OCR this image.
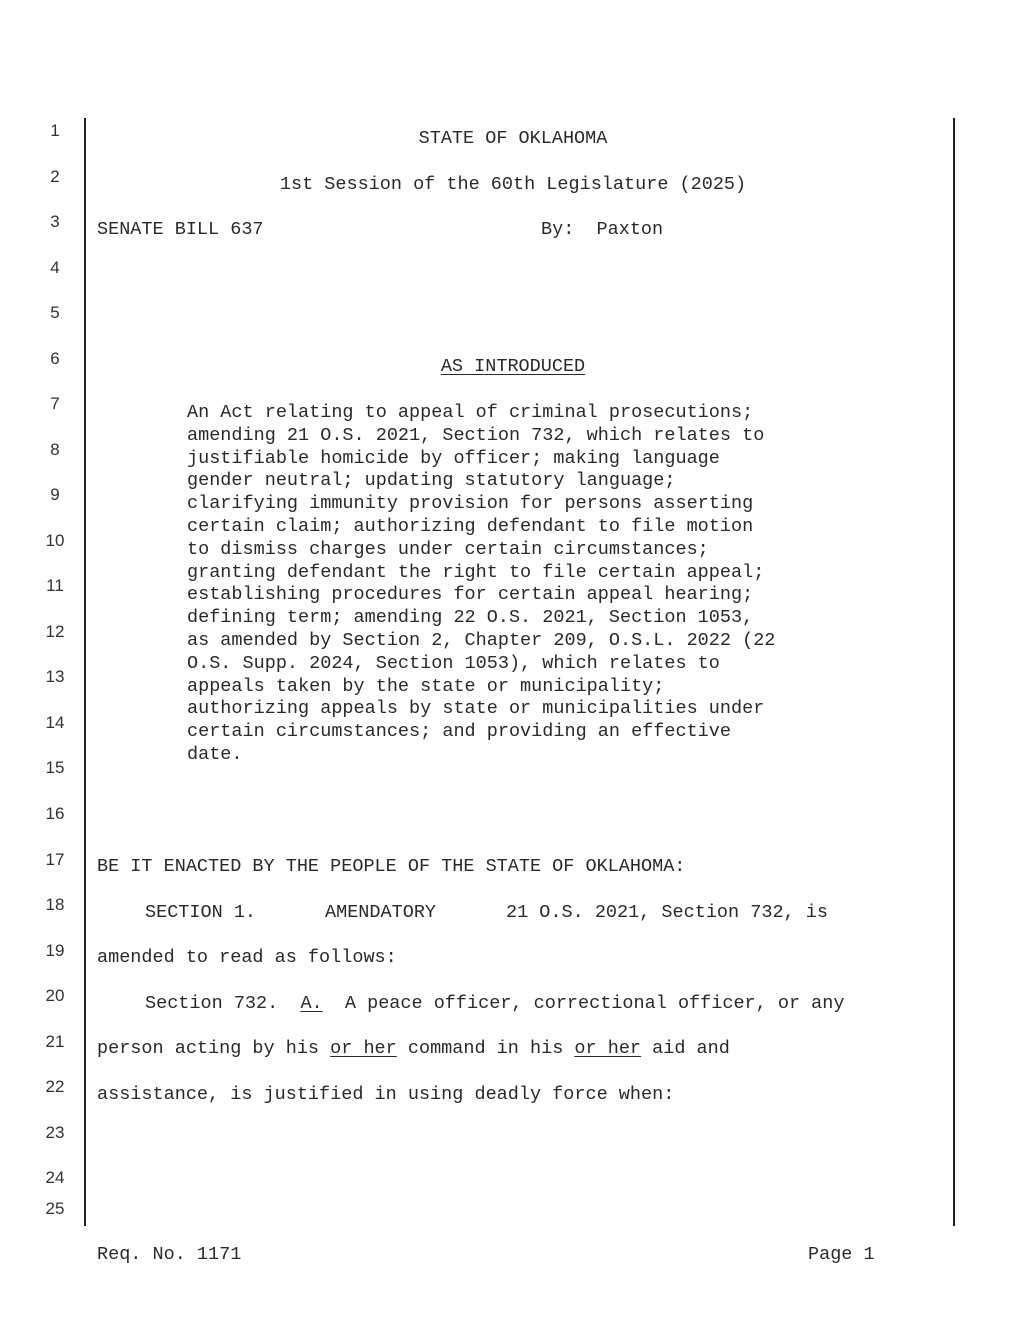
1
2
3
4
5
6
7
8
9
10
11
12
13
14
15
16
17
18
19
20
21
22
23
24
25
STATE OF OKLAHOMA
1st Session of the 60th Legislature (2025)
SENATE BILL 637	By:  Paxton
AS INTRODUCED
An Act relating to appeal of criminal prosecutions;
amending 21 O.S. 2021, Section 732, which relates to
justifiable homicide by officer; making language
gender neutral; updating statutory language;
clarifying immunity provision for persons asserting
certain claim; authorizing defendant to file motion
to dismiss charges under certain circumstances;
granting defendant the right to file certain appeal;
establishing procedures for certain appeal hearing;
defining term; amending 22 O.S. 2021, Section 1053,
as amended by Section 2, Chapter 209, O.S.L. 2022 (22
O.S. Supp. 2024, Section 1053), which relates to
appeals taken by the state or municipality;
authorizing appeals by state or municipalities under
certain circumstances; and providing an effective
date.
BE IT ENACTED BY THE PEOPLE OF THE STATE OF OKLAHOMA:
SECTION 1.	AMENDATORY	21 O.S. 2021, Section 732, is
amended to read as follows:
Section 732. A. A peace officer, correctional officer, or any
person acting by his or her command in his or her aid and
assistance, is justified in using deadly force when:
Req. No. 1171	Page 1
